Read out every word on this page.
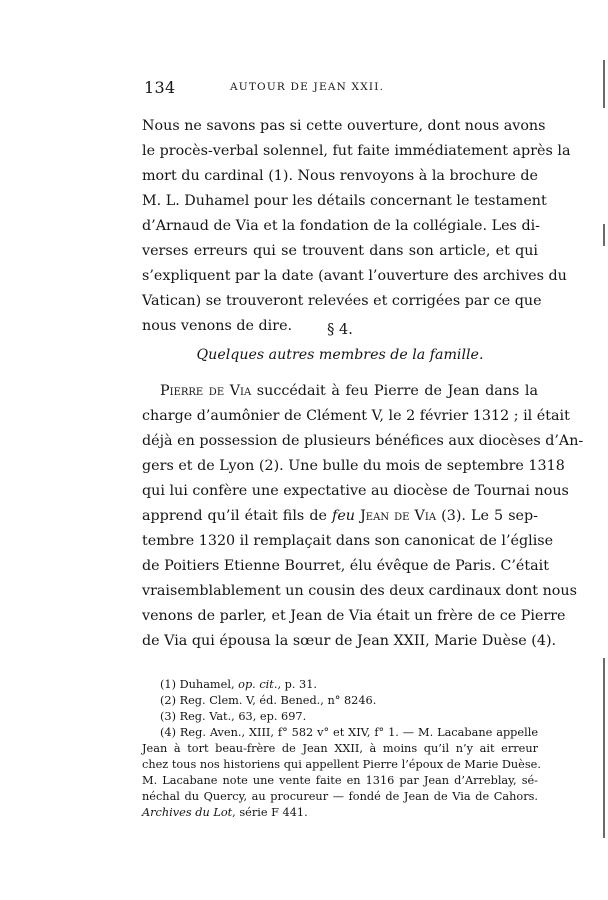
134	AUTOUR DE JEAN XXII.
Nous ne savons pas si cette ouverture, dont nous avons
le procès-verbal solennel, fut faite immédiatement après la
mort du cardinal (1). Nous renvoyons à la brochure de
M. L. Duhamel pour les détails concernant le testament
d’Arnaud de Via et la fondation de la collégiale. Les di-
verses erreurs qui se trouvent dans son article, et qui
s’expliquent par la date (avant l’ouverture des archives du
Vatican) se trouveront relevées et corrigées par ce que
nous venons de dire.	§ 4.
Quelques autres membres de la famille.
Pierre de Via succédait à feu Pierre de Jean dans la
charge d’aumônier de Clément V, le 2 février 1312 ; il était
déjà en possession de plusieurs bénéfices aux diocèses d’An-
gers et de Lyon (2). Une bulle du mois de septembre 1318
qui lui confère une expectative au diocèse de Tournai nous
apprend qu’il était fils de feu Jean de Via (3). Le 5 sep-
tembre 1320 il remplaçait dans son canonicat de l’église
de Poitiers Etienne Bourret, élu évêque de Paris. C’était
vraisemblablement un cousin des deux cardinaux dont nous
venons de parler, et Jean de Via était un frère de ce Pierre
de Via qui épousa la sœur de Jean XXII, Marie Duèse (4).
(1) Duhamel, op. cit., p. 31.
(2) Reg. Clem. V, éd. Bened., n° 8246.
(3) Reg. Vat., 63, ep. 697.
(4) Reg. Aven., XIII, f° 582 v° et XIV, f° 1. — M. Lacabane appelle
Jean à tort beau-frère de Jean XXII, à moins qu’il n’y ait erreur
chez tous nos historiens qui appellent Pierre l’époux de Marie Duèse.
M. Lacabane note une vente faite en 1316 par Jean d’Arreblay, sé-
néchal du Quercy, au procureur — fondé de Jean de Via de Cahors.
Archives du Lot, série F 441.
